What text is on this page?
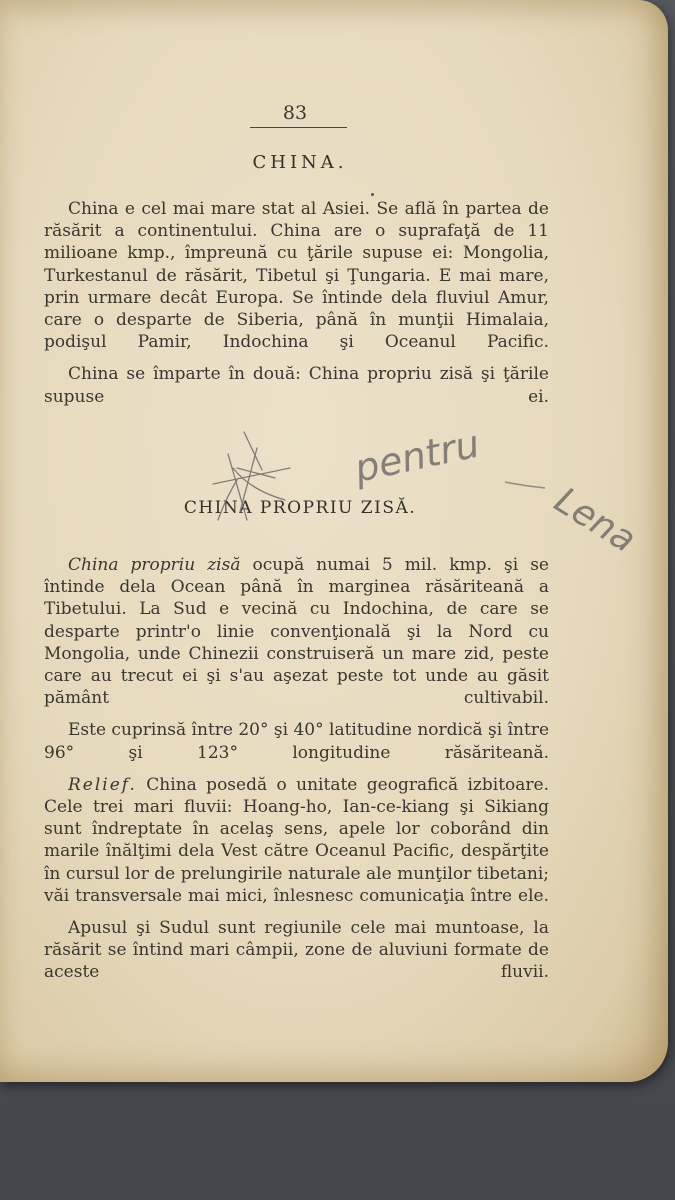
83
CHINA.

China e cel mai mare stat al Asiei. Se află în partea de răsărit a continentului. China are o suprafaţă de 11 milioane kmp., împreună cu ţările supuse ei: Mongolia, Turkestanul de răsărit, Tibetul şi Ţungaria. E mai mare, prin urmare decât Europa. Se întinde dela fluviul Amur, care o desparte de Siberia, până în munţii Himalaia, podişul Pamir, Indochina şi Oceanul Pacific.

China se împarte în două: China propriu zisă şi ţările supuse ei.

CHINA PROPRIU ZISĂ.

China propriu zisă ocupă numai 5 mil. kmp. şi se întinde dela Ocean până în marginea răsăriteană a Tibetului. La Sud e vecină cu Indochina, de care se desparte printr'o linie convenţională şi la Nord cu Mongolia, unde Chinezii construiseră un mare zid, peste care au trecut ei şi s'au aşezat peste tot unde au găsit pământ cultivabil.

Este cuprinsă între 20° şi 40° latitudine nordică şi între 96° şi 123° longitudine răsăriteană.

Relief. China posedă o unitate geografică izbitoare. Cele trei mari fluvii: Hoang-ho, Ian-ce-kiang şi Sikiang sunt îndreptate în acelaş sens, apele lor coborând din marile înălţimi dela Vest către Oceanul Pacific, despărţite în cursul lor de prelungirile naturale ale munţilor tibetani; văi transversale mai mici, înlesnesc comunicaţia între ele.

Apusul şi Sudul sunt regiunile cele mai muntoase, la răsărit se întind mari câmpii, zone de aluviuni formate de aceste fluvii.

pentru
Lena
